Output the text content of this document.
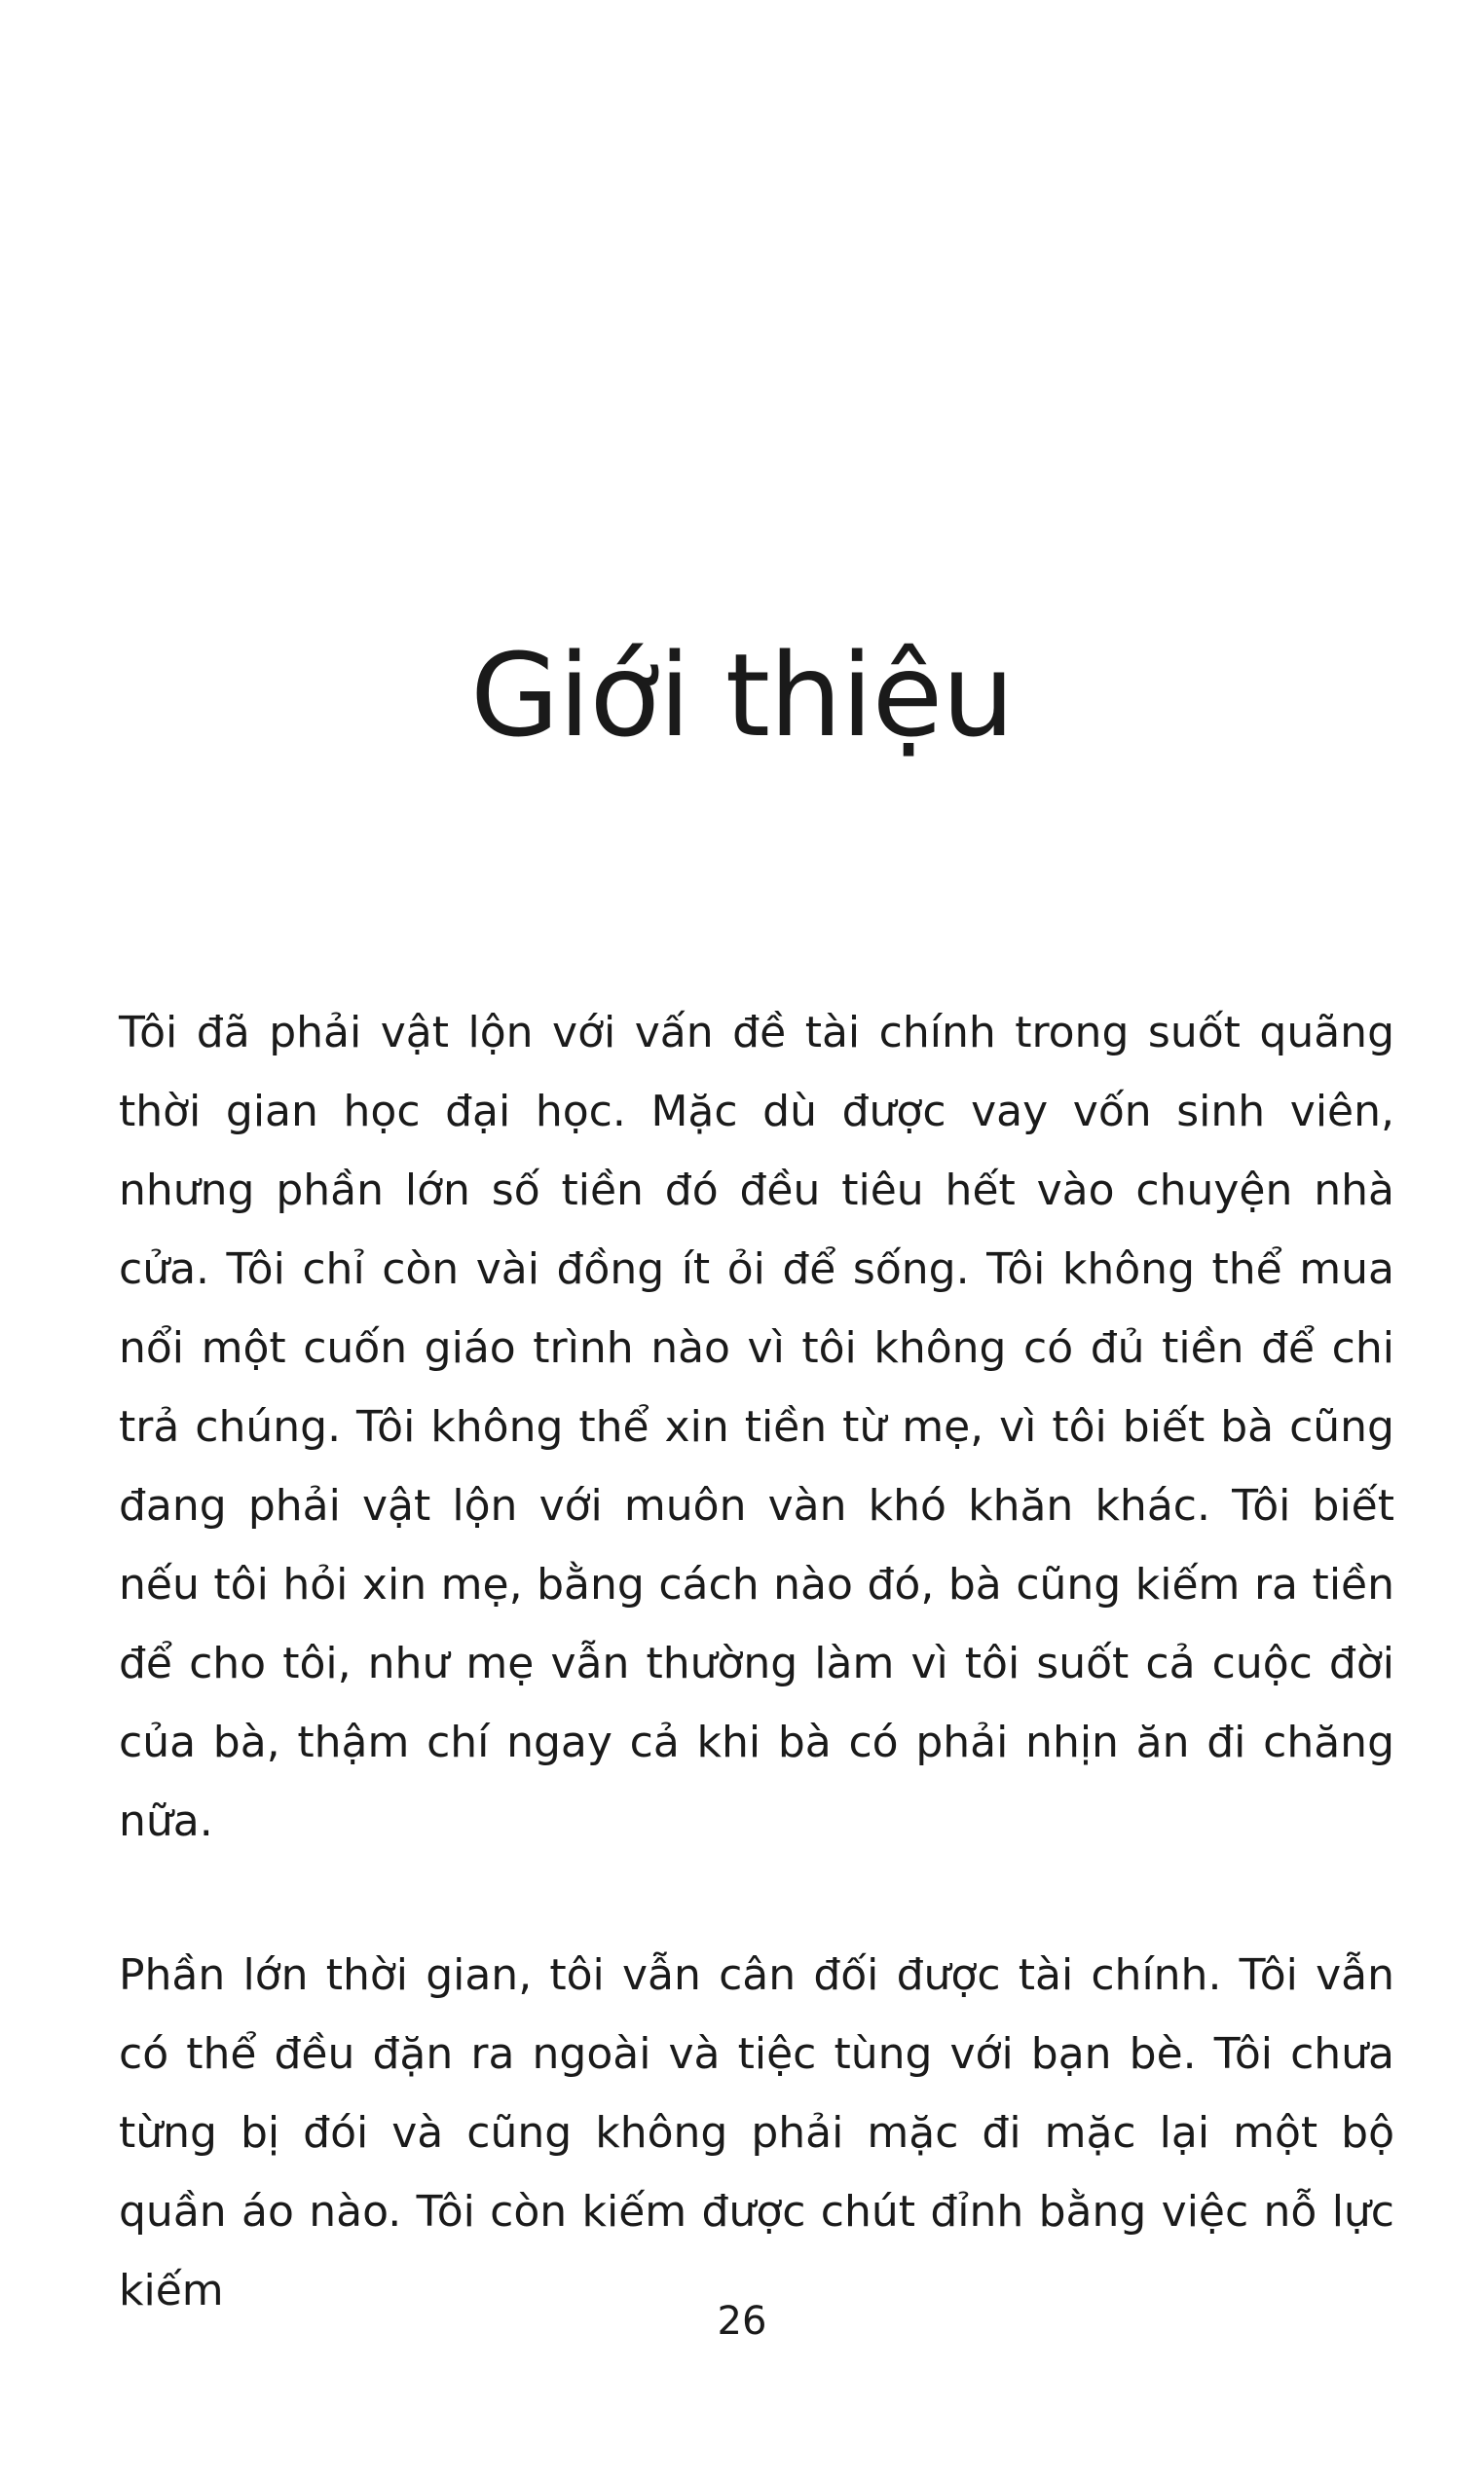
Giới thiệu

Tôi đã phải vật lộn với vấn đề tài chính trong suốt quãng thời gian học đại học. Mặc dù được vay vốn sinh viên, nhưng phần lớn số tiền đó đều tiêu hết vào chuyện nhà cửa. Tôi chỉ còn vài đồng ít ỏi để sống. Tôi không thể mua nổi một cuốn giáo trình nào vì tôi không có đủ tiền để chi trả chúng. Tôi không thể xin tiền từ mẹ, vì tôi biết bà cũng đang phải vật lộn với muôn vàn khó khăn khác. Tôi biết nếu tôi hỏi xin mẹ, bằng cách nào đó, bà cũng kiếm ra tiền để cho tôi, như mẹ vẫn thường làm vì tôi suốt cả cuộc đời của bà, thậm chí ngay cả khi bà có phải nhịn ăn đi chăng nữa.

Phần lớn thời gian, tôi vẫn cân đối được tài chính. Tôi vẫn có thể đều đặn ra ngoài và tiệc tùng với bạn bè. Tôi chưa từng bị đói và cũng không phải mặc đi mặc lại một bộ quần áo nào. Tôi còn kiếm được chút đỉnh bằng việc nỗ lực kiếm

26
